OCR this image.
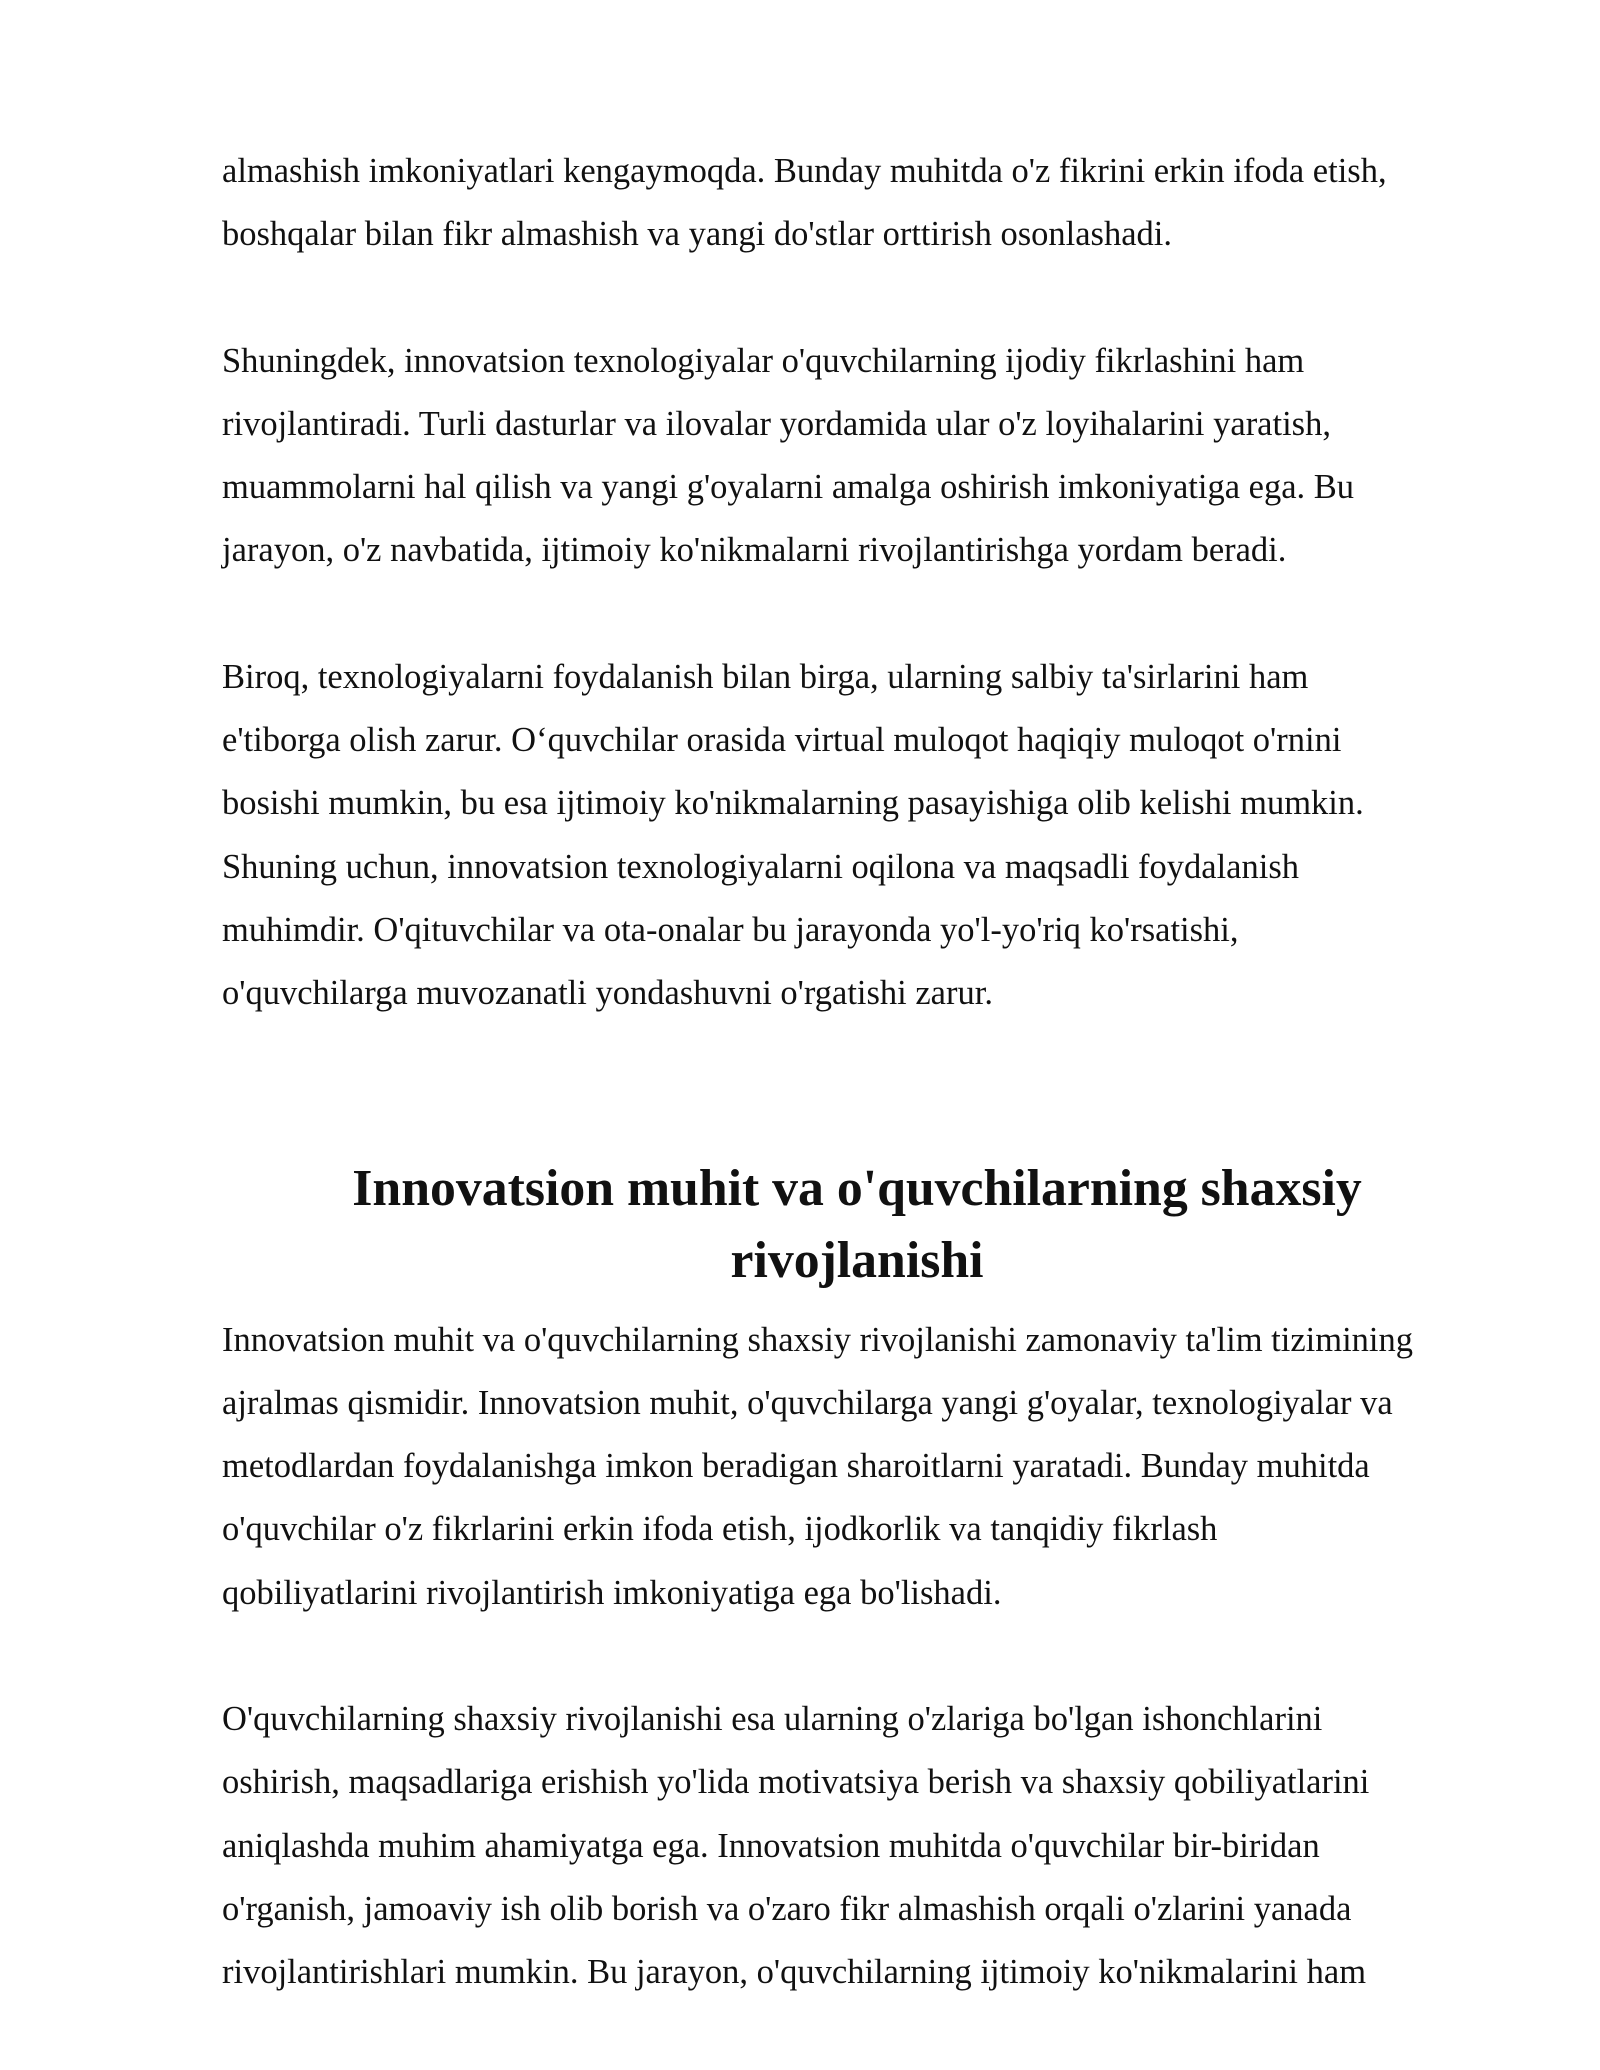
almashish imkoniyatlari kengaymoqda. Bunday muhitda o'z fikrini erkin ifoda etish,
boshqalar bilan fikr almashish va yangi do'stlar orttirish osonlashadi.

Shuningdek, innovatsion texnologiyalar o'quvchilarning ijodiy fikrlashini ham
rivojlantiradi. Turli dasturlar va ilovalar yordamida ular o'z loyihalarini yaratish,
muammolarni hal qilish va yangi g'oyalarni amalga oshirish imkoniyatiga ega. Bu
jarayon, o'z navbatida, ijtimoiy ko'nikmalarni rivojlantirishga yordam beradi.

Biroq, texnologiyalarni foydalanish bilan birga, ularning salbiy ta'sirlarini ham
e'tiborga olish zarur. O‘quvchilar orasida virtual muloqot haqiqiy muloqot o'rnini
bosishi mumkin, bu esa ijtimoiy ko'nikmalarning pasayishiga olib kelishi mumkin.
Shuning uchun, innovatsion texnologiyalarni oqilona va maqsadli foydalanish
muhimdir. O'qituvchilar va ota-onalar bu jarayonda yo'l-yo'riq ko'rsatishi,
o'quvchilarga muvozanatli yondashuvni o'rgatishi zarur.

Innovatsion muhit va o'quvchilarning shaxsiy rivojlanishi

Innovatsion muhit va o'quvchilarning shaxsiy rivojlanishi zamonaviy ta'lim tizimining
ajralmas qismidir. Innovatsion muhit, o'quvchilarga yangi g'oyalar, texnologiyalar va
metodlardan foydalanishga imkon beradigan sharoitlarni yaratadi. Bunday muhitda
o'quvchilar o'z fikrlarini erkin ifoda etish, ijodkorlik va tanqidiy fikrlash
qobiliyatlarini rivojlantirish imkoniyatiga ega bo'lishadi.

O'quvchilarning shaxsiy rivojlanishi esa ularning o'zlariga bo'lgan ishonchlarini
oshirish, maqsadlariga erishish yo'lida motivatsiya berish va shaxsiy qobiliyatlarini
aniqlashda muhim ahamiyatga ega. Innovatsion muhitda o'quvchilar bir-biridan
o'rganish, jamoaviy ish olib borish va o'zaro fikr almashish orqali o'zlarini yanada
rivojlantirishlari mumkin. Bu jarayon, o'quvchilarning ijtimoiy ko'nikmalarini ham
